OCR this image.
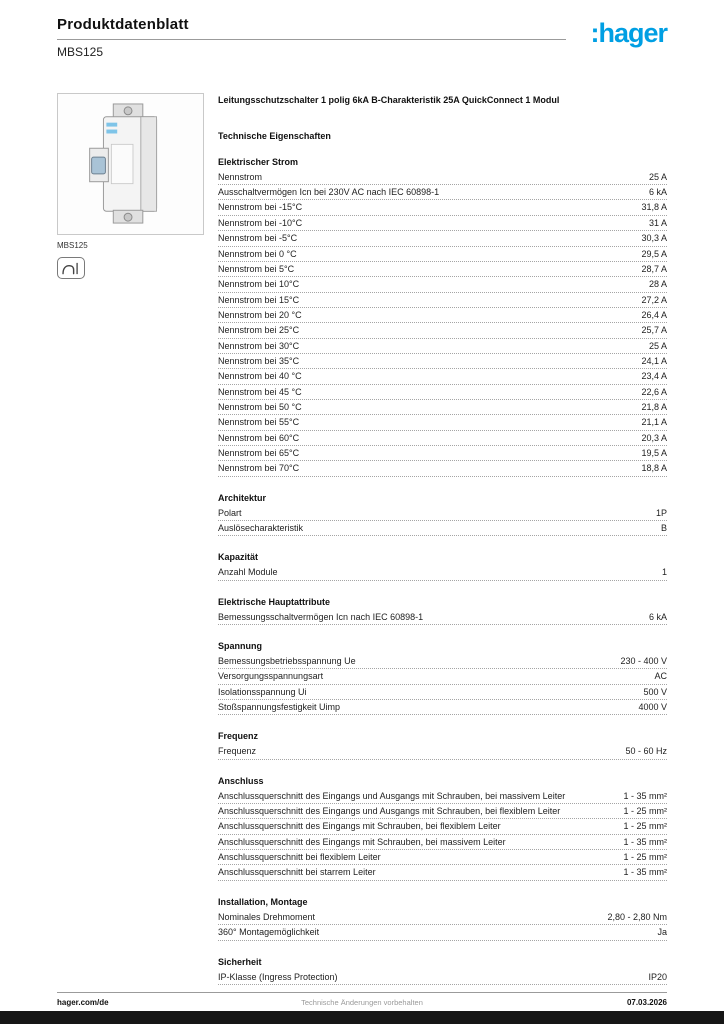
Produktdatenblatt
MBS125
:hager
MBS125
Leitungsschutzschalter 1 polig 6kA B-Charakteristik 25A QuickConnect 1 Modul
Technische Eigenschaften
Elektrischer Strom
Nennstrom	25 A
Ausschaltvermögen Icn bei 230V AC nach IEC 60898-1	6 kA
Nennstrom bei -15°C	31,8 A
Nennstrom bei -10°C	31 A
Nennstrom bei -5°C	30,3 A
Nennstrom bei 0 °C	29,5 A
Nennstrom bei 5°C	28,7 A
Nennstrom bei 10°C	28 A
Nennstrom bei 15°C	27,2 A
Nennstrom bei 20 °C	26,4 A
Nennstrom bei 25°C	25,7 A
Nennstrom bei 30°C	25 A
Nennstrom bei 35°C	24,1 A
Nennstrom bei 40 °C	23,4 A
Nennstrom bei 45 °C	22,6 A
Nennstrom bei 50 °C	21,8 A
Nennstrom bei 55°C	21,1 A
Nennstrom bei 60°C	20,3 A
Nennstrom bei 65°C	19,5 A
Nennstrom bei 70°C	18,8 A
Architektur
Polart	1P
Auslösecharakteristik	B
Kapazität
Anzahl Module	1
Elektrische Hauptattribute
Bemessungsschaltvermögen Icn nach IEC 60898-1	6 kA
Spannung
Bemessungsbetriebsspannung Ue	230 - 400 V
Versorgungsspannungsart	AC
Isolationsspannung Ui	500 V
Stoßspannungsfestigkeit Uimp	4000 V
Frequenz
Frequenz	50 - 60 Hz
Anschluss
Anschlussquerschnitt des Eingangs und Ausgangs mit Schrauben, bei massivem Leiter	1 - 35 mm²
Anschlussquerschnitt des Eingangs und Ausgangs mit Schrauben, bei flexiblem Leiter	1 - 25 mm²
Anschlussquerschnitt des Eingangs mit Schrauben, bei flexiblem Leiter	1 - 25 mm²
Anschlussquerschnitt des Eingangs mit Schrauben, bei massivem Leiter	1 - 35 mm²
Anschlussquerschnitt bei flexiblem Leiter	1 - 25 mm²
Anschlussquerschnitt bei starrem Leiter	1 - 35 mm²
Installation, Montage
Nominales Drehmoment	2,80 - 2,80 Nm
360° Montagemöglichkeit	Ja
Sicherheit
IP-Klasse (Ingress Protection)	IP20
hager.com/de	Technische Änderungen vorbehalten	07.03.2026
